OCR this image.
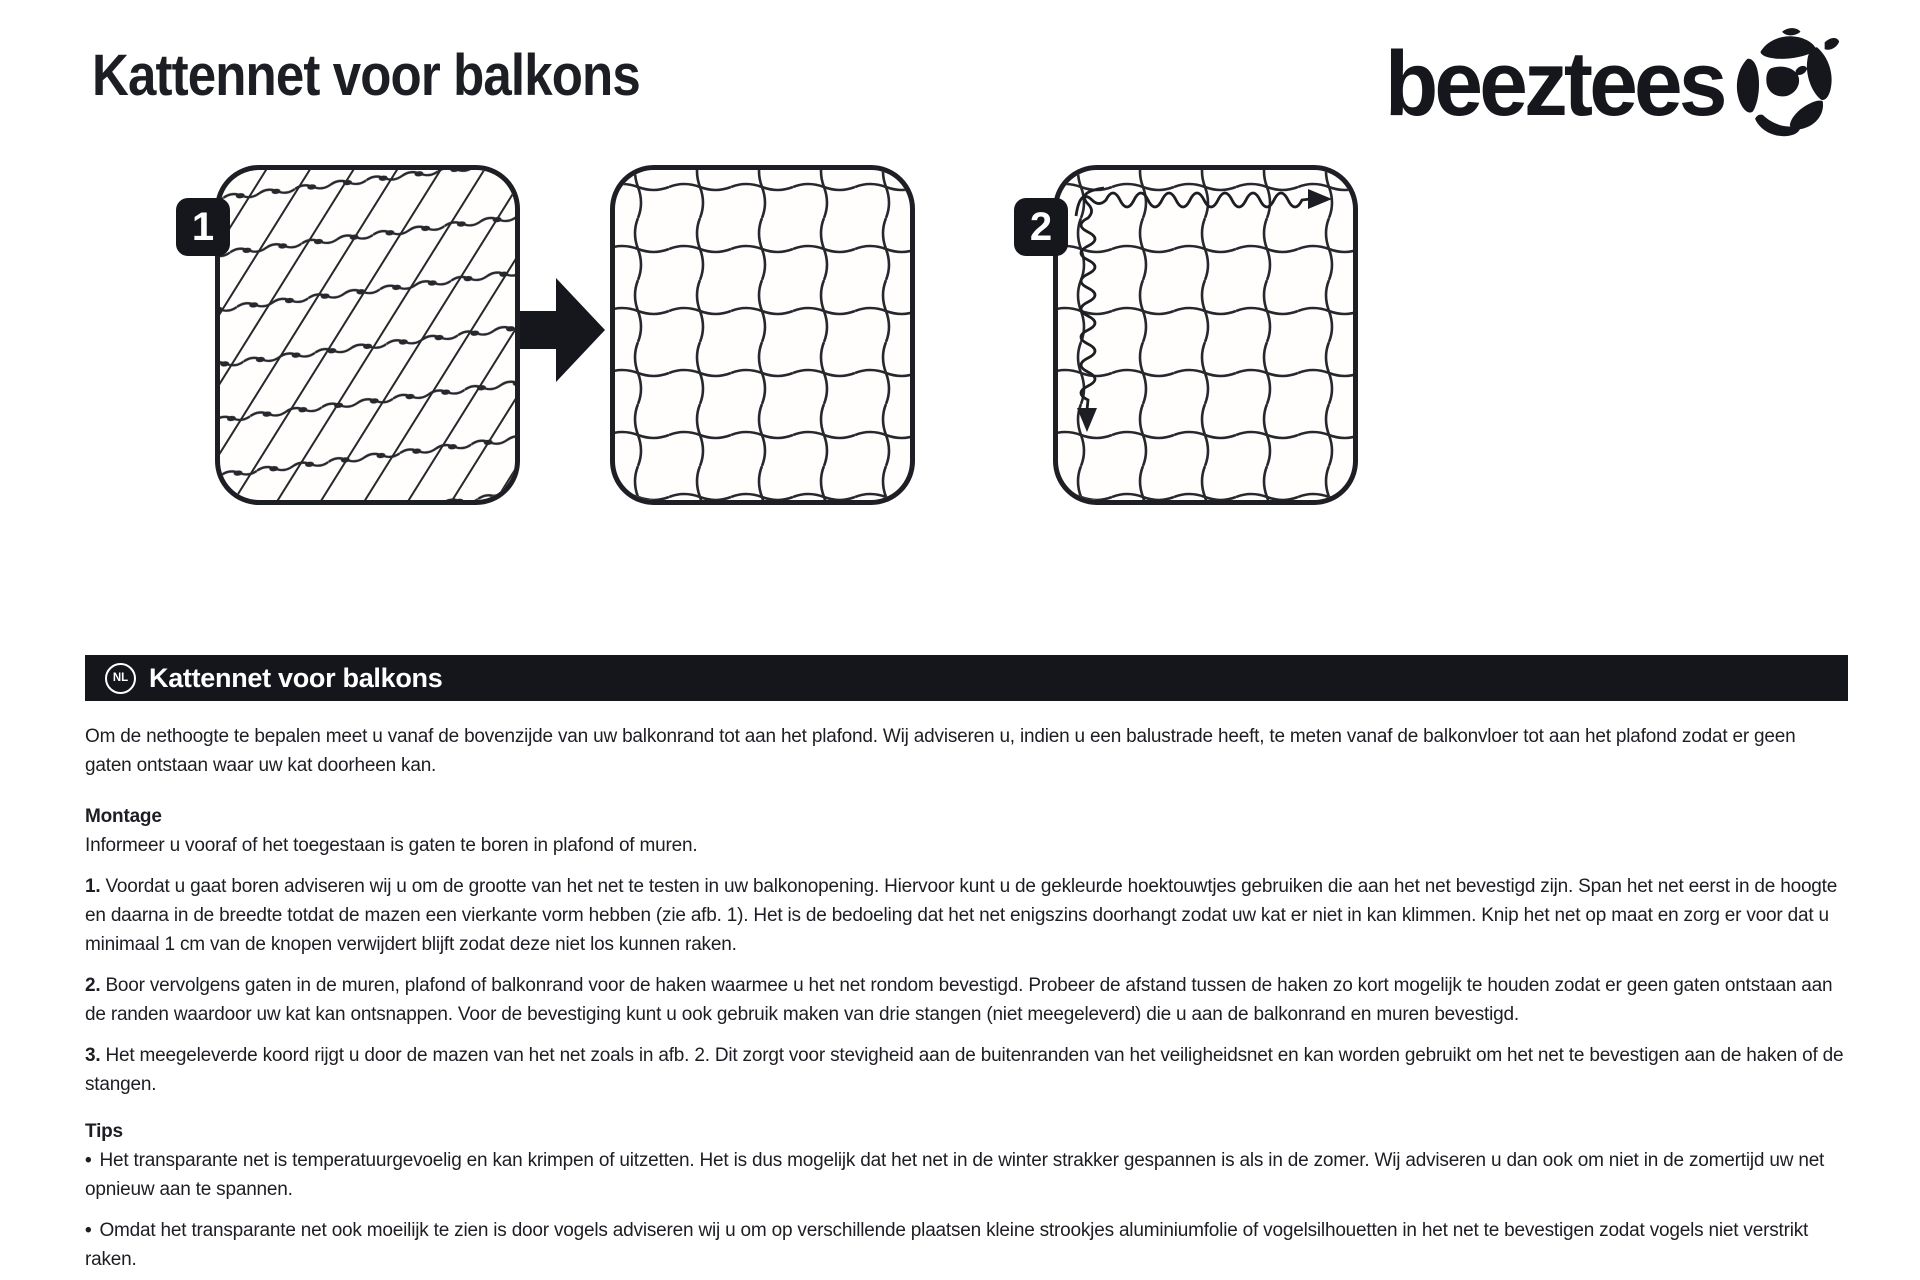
Kattennet voor balkons	beeztees
1	2
NL Kattennet voor balkons

Om de nethoogte te bepalen meet u vanaf de bovenzijde van uw balkonrand tot aan het plafond. Wij adviseren u, indien u een balustrade heeft, te meten vanaf de balkonvloer tot aan het plafond zodat er geen gaten ontstaan waar uw kat doorheen kan.

Montage

Informeer u vooraf of het toegestaan is gaten te boren in plafond of muren.

1. Voordat u gaat boren adviseren wij u om de grootte van het net te testen in uw balkonopening. Hiervoor kunt u de gekleurde hoektouwtjes gebruiken die aan het net bevestigd zijn. Span het net eerst in de hoogte en daarna in de breedte totdat de mazen een vierkante vorm hebben (zie afb. 1). Het is de bedoeling dat het net enigszins doorhangt zodat uw kat er niet in kan klimmen. Knip het net op maat en zorg er voor dat u minimaal 1 cm van de knopen verwijdert blijft zodat deze niet los kunnen raken.

2. Boor vervolgens gaten in de muren, plafond of balkonrand voor de haken waarmee u het net rondom bevestigd. Probeer de afstand tussen de haken zo kort mogelijk te houden zodat er geen gaten ontstaan aan de randen waardoor uw kat kan ontsnappen. Voor de bevestiging kunt u ook gebruik maken van drie stangen (niet meegeleverd) die u aan de balkonrand en muren bevestigd.

3. Het meegeleverde koord rijgt u door de mazen van het net zoals in afb. 2. Dit zorgt voor stevigheid aan de buitenranden van het veiligheidsnet en kan worden gebruikt om het net te bevestigen aan de haken of de stangen.

Tips

• Het transparante net is temperatuurgevoelig en kan krimpen of uitzetten. Het is dus mogelijk dat het net in de winter strakker gespannen is als in de zomer. Wij adviseren u dan ook om niet in de zomertijd uw net opnieuw aan te spannen.

• Omdat het transparante net ook moeilijk te zien is door vogels adviseren wij u om op verschillende plaatsen kleine strookjes aluminiumfolie of vogelsilhouetten in het net te bevestigen zodat vogels niet verstrikt raken.
